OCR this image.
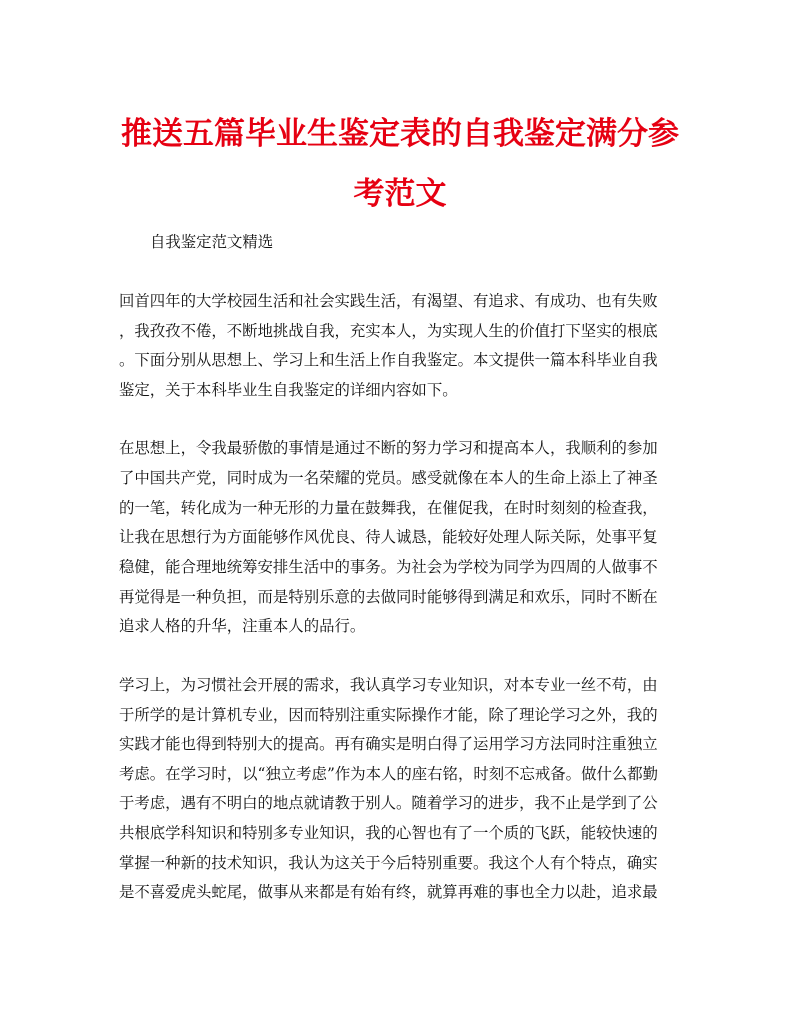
推送五篇毕业生鉴定表的自我鉴定满分参
考范文
自我鉴定范文精选
回首四年的大学校园生活和社会实践生活，有渴望、有追求、有成功、也有失败
，我孜孜不倦，不断地挑战自我，充实本人，为实现人生的价值打下坚实的根底
。下面分别从思想上、学习上和生活上作自我鉴定。本文提供一篇本科毕业自我
鉴定，关于本科毕业生自我鉴定的详细内容如下。
在思想上，令我最骄傲的事情是通过不断的努力学习和提高本人，我顺利的参加
了中国共产党，同时成为一名荣耀的党员。感受就像在本人的生命上添上了神圣
的一笔，转化成为一种无形的力量在鼓舞我，在催促我，在时时刻刻的检查我，
让我在思想行为方面能够作风优良、待人诚恳，能较好处理人际关际，处事平复
稳健，能合理地统筹安排生活中的事务。为社会为学校为同学为四周的人做事不
再觉得是一种负担，而是特别乐意的去做同时能够得到满足和欢乐，同时不断在
追求人格的升华，注重本人的品行。
学习上，为习惯社会开展的需求，我认真学习专业知识，对本专业一丝不苟，由
于所学的是计算机专业，因而特别注重实际操作才能，除了理论学习之外，我的
实践才能也得到特别大的提高。再有确实是明白得了运用学习方法同时注重独立
考虑。在学习时，以“独立考虑”作为本人的座右铭，时刻不忘戒备。做什么都勤
于考虑，遇有不明白的地点就请教于别人。随着学习的进步，我不止是学到了公
共根底学科知识和特别多专业知识，我的心智也有了一个质的飞跃，能较快速的
掌握一种新的技术知识，我认为这关于今后特别重要。我这个人有个特点，确实
是不喜爱虎头蛇尾，做事从来都是有始有终，就算再难的事也全力以赴，追求最
